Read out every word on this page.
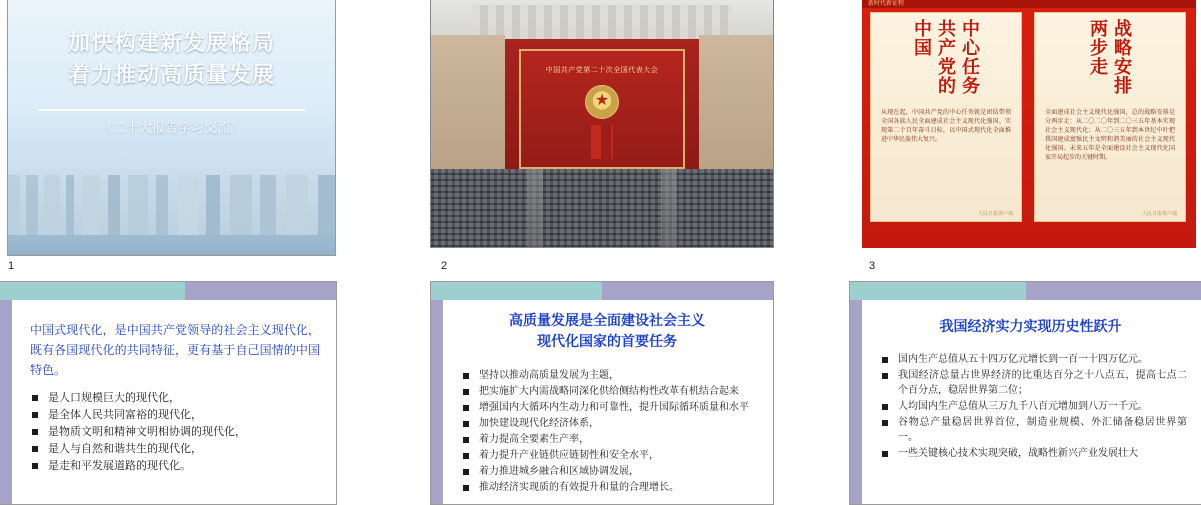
加快构建新发展格局
着力推动高质量发展
（二十大报告学习交流）
1
中国共产党第二十次全国代表大会
★
2
新时代新征程
中国 共产党的 中心任务
从现在起，中国共产党的中心任务就是团结带领全国各族人民全面建成社会主义现代化强国、实现第二个百年奋斗目标，以中国式现代化全面推进中华民族伟大复兴。
人民日报客户端
两步走 战略安排
全面建成社会主义现代化强国，总的战略安排是分两步走：从二〇二〇年到二〇三五年基本实现社会主义现代化；从二〇三五年到本世纪中叶把我国建成富强民主文明和谐美丽的社会主义现代化强国。未来五年是全面建设社会主义现代化国家开局起步的关键时期。
人民日报客户端
3
中国式现代化，是中国共产党领导的社会主义现代化，既有各国现代化的共同特征，更有基于自己国情的中国特色。
是人口规模巨大的现代化，
是全体人民共同富裕的现代化，
是物质文明和精神文明相协调的现代化，
是人与自然和谐共生的现代化，
是走和平发展道路的现代化。
高质量发展是全面建设社会主义
现代化国家的首要任务
坚持以推动高质量发展为主题，
把实施扩大内需战略同深化供给侧结构性改革有机结合起来
增强国内大循环内生动力和可靠性，提升国际循环质量和水平
加快建设现代化经济体系，
着力提高全要素生产率，
着力提升产业链供应链韧性和安全水平，
着力推进城乡融合和区域协调发展，
推动经济实现质的有效提升和量的合理增长。
我国经济实力实现历史性跃升
国内生产总值从五十四万亿元增长到一百一十四万亿元。
我国经济总量占世界经济的比重达百分之十八点五，提高七点二个百分点，稳居世界第二位；
人均国内生产总值从三万九千八百元增加到八万一千元。
谷物总产量稳居世界首位，制造业规模、外汇储备稳居世界第一。
一些关键核心技术实现突破，战略性新兴产业发展壮大
